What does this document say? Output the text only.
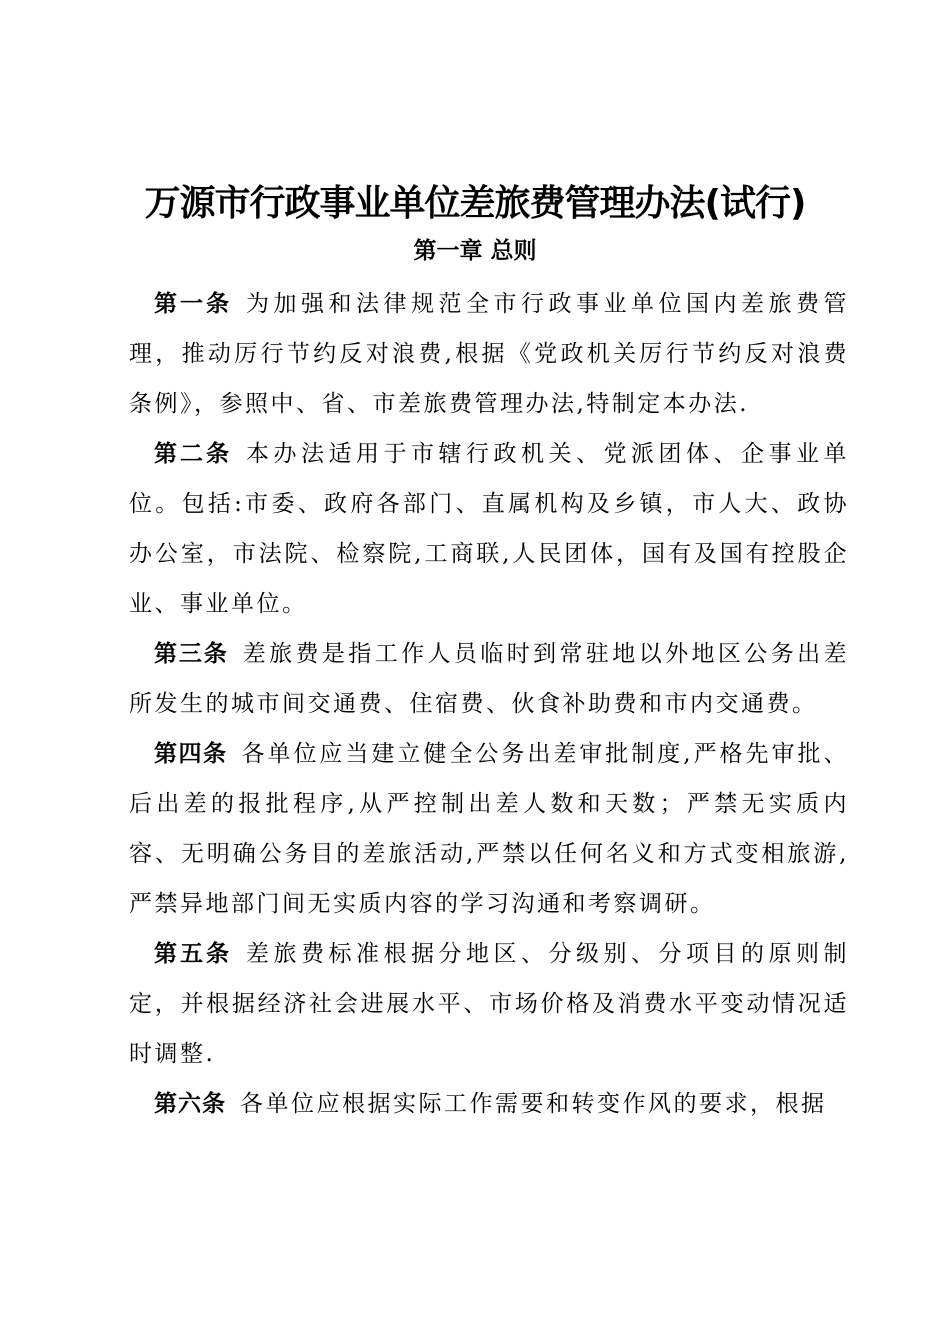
万源市行政事业单位差旅费管理办法(试行)
第一章 总则

第一条 为加强和法律规范全市行政事业单位国内差旅费管理，推动厉行节约反对浪费,根据《党政机关厉行节约反对浪费条例》，参照中、省、市差旅费管理办法,特制定本办法.

第二条 本办法适用于市辖行政机关、党派团体、企事业单位。包括:市委、政府各部门、直属机构及乡镇，市人大、政协办公室，市法院、检察院,工商联,人民团体，国有及国有控股企业、事业单位。

第三条 差旅费是指工作人员临时到常驻地以外地区公务出差所发生的城市间交通费、住宿费、伙食补助费和市内交通费。

第四条 各单位应当建立健全公务出差审批制度,严格先审批、后出差的报批程序,从严控制出差人数和天数；严禁无实质内容、无明确公务目的差旅活动,严禁以任何名义和方式变相旅游,严禁异地部门间无实质内容的学习沟通和考察调研。

第五条 差旅费标准根据分地区、分级别、分项目的原则制定，并根据经济社会进展水平、市场价格及消费水平变动情况适时调整.

第六条 各单位应根据实际工作需要和转变作风的要求，根据
